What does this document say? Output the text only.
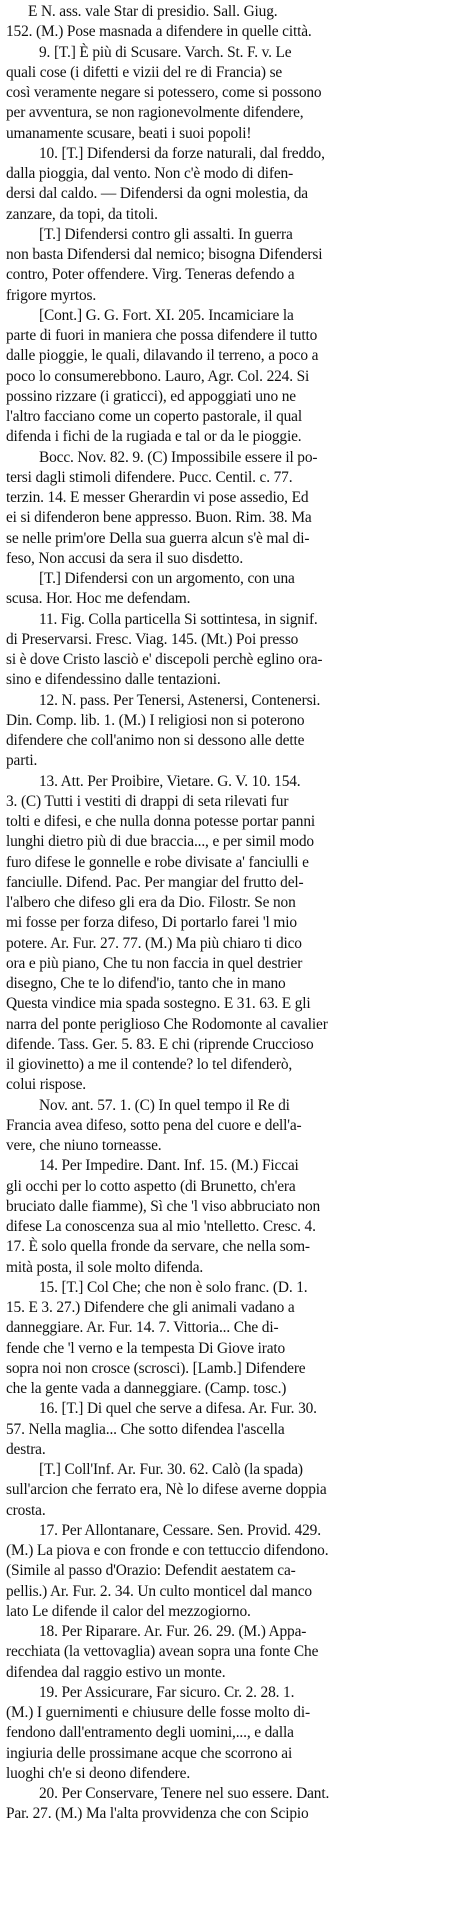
E N. ass. vale Star di presidio. Sall. Giug.
152. (M.) Pose masnada a difendere in quelle città.
9. [T.] È più di Scusare. Varch. St. F. v. Le
quali cose (i difetti e vizii del re di Francia) se
così veramente negare si potessero, come si possono
per avventura, se non ragionevolmente difendere,
umanamente scusare, beati i suoi popoli!
10. [T.] Difendersi da forze naturali, dal freddo,
dalla pioggia, dal vento. Non c'è modo di difen-
dersi dal caldo. — Difendersi da ogni molestia, da
zanzare, da topi, da titoli.
[T.] Difendersi contro gli assalti. In guerra
non basta Difendersi dal nemico; bisogna Difendersi
contro, Poter offendere. Virg. Teneras defendo a
frigore myrtos.
[Cont.] G. G. Fort. XI. 205. Incamiciare la
parte di fuori in maniera che possa difendere il tutto
dalle pioggie, le quali, dilavando il terreno, a poco a
poco lo consumerebbono. Lauro, Agr. Col. 224. Si
possino rizzare (i graticci), ed appoggiati uno ne
l'altro facciano come un coperto pastorale, il qual
difenda i fichi de la rugiada e tal or da le pioggie.
Bocc. Nov. 82. 9. (C) Impossibile essere il po-
tersi dagli stimoli difendere. Pucc. Centil. c. 77.
terzin. 14. E messer Gherardin vi pose assedio, Ed
ei si difenderon bene appresso. Buon. Rim. 38. Ma
se nelle prim'ore Della sua guerra alcun s'è mal di-
feso, Non accusi da sera il suo disdetto.
[T.] Difendersi con un argomento, con una
scusa. Hor. Hoc me defendam.
11. Fig. Colla particella Si sottintesa, in signif.
di Preservarsi. Fresc. Viag. 145. (Mt.) Poi presso
si è dove Cristo lasciò e' discepoli perchè eglino ora-
sino e difendessino dalle tentazioni.
12. N. pass. Per Tenersi, Astenersi, Contenersi.
Din. Comp. lib. 1. (M.) I religiosi non si poterono
difendere che coll'animo non si dessono alle dette
parti.
13. Att. Per Proibire, Vietare. G. V. 10. 154.
3. (C) Tutti i vestiti di drappi di seta rilevati fur
tolti e difesi, e che nulla donna potesse portar panni
lunghi dietro più di due braccia..., e per simil modo
furo difese le gonnelle e robe divisate a' fanciulli e
fanciulle. Difend. Pac. Per mangiar del frutto del-
l'albero che difeso gli era da Dio. Filostr. Se non
mi fosse per forza difeso, Di portarlo farei 'l mio
potere. Ar. Fur. 27. 77. (M.) Ma più chiaro ti dico
ora e più piano, Che tu non faccia in quel destrier
disegno, Che te lo difend'io, tanto che in mano
Questa vindice mia spada sostegno. E 31. 63. E gli
narra del ponte periglioso Che Rodomonte al cavalier
difende. Tass. Ger. 5. 83. E chi (riprende Crucciosо
il giovinetto) a me il contende? lo tel difenderò,
colui rispose.
Nov. ant. 57. 1. (C) In quel tempo il Re di
Francia avea difeso, sotto pena del cuore e dell'a-
vere, che niuno torneasse.
14. Per Impedire. Dant. Inf. 15. (M.) Ficcai
gli occhi per lo cotto aspetto (di Brunetto, ch'era
bruciato dalle fiamme), Sì che 'l viso abbruciato non
difese La conoscenza sua al mio 'ntelletto. Cresc. 4.
17. È solo quella fronde da servare, che nella som-
mità posta, il sole molto difenda.
15. [T.] Col Che; che non è solo franc. (D. 1.
15. E 3. 27.) Difendere che gli animali vadano a
danneggiare. Ar. Fur. 14. 7. Vittoria... Che di-
fende che 'l verno e la tempesta Di Giove irato
sopra noi non crosce (scrosci). [Lamb.] Difendere
che la gente vada a danneggiare. (Camp. tosc.)
16. [T.] Di quel che serve a difesa. Ar. Fur. 30.
57. Nella maglia... Che sotto difendea l'ascella
destra.
[T.] Coll'Inf. Ar. Fur. 30. 62. Calò (la spada)
sull'arcion che ferrato era, Nè lo difese averne doppia
crosta.
17. Per Allontanare, Cessare. Sen. Provid. 429.
(M.) La piova e con fronde e con tettuccio difendono.
(Simile al passo d'Orazio: Defendit aestatem ca-
pellis.) Ar. Fur. 2. 34. Un culto monticel dal manco
lato Le difende il calor del mezzogiorno.
18. Per Riparare. Ar. Fur. 26. 29. (M.) Appa-
recchiata (la vettovaglia) avean sopra una fonte Che
difendea dal raggio estivo un monte.
19. Per Assicurare, Far sicuro. Cr. 2. 28. 1.
(M.) I guernimenti e chiusure delle fosse molto di-
fendono dall'entramento degli uomini,..., e dalla
ingiuria delle prossimane acque che scorrono ai
luoghi ch'e si deono difendere.
20. Per Conservare, Tenere nel suo essere. Dant.
Par. 27. (M.) Ma l'alta provvidenza che con Scipio
